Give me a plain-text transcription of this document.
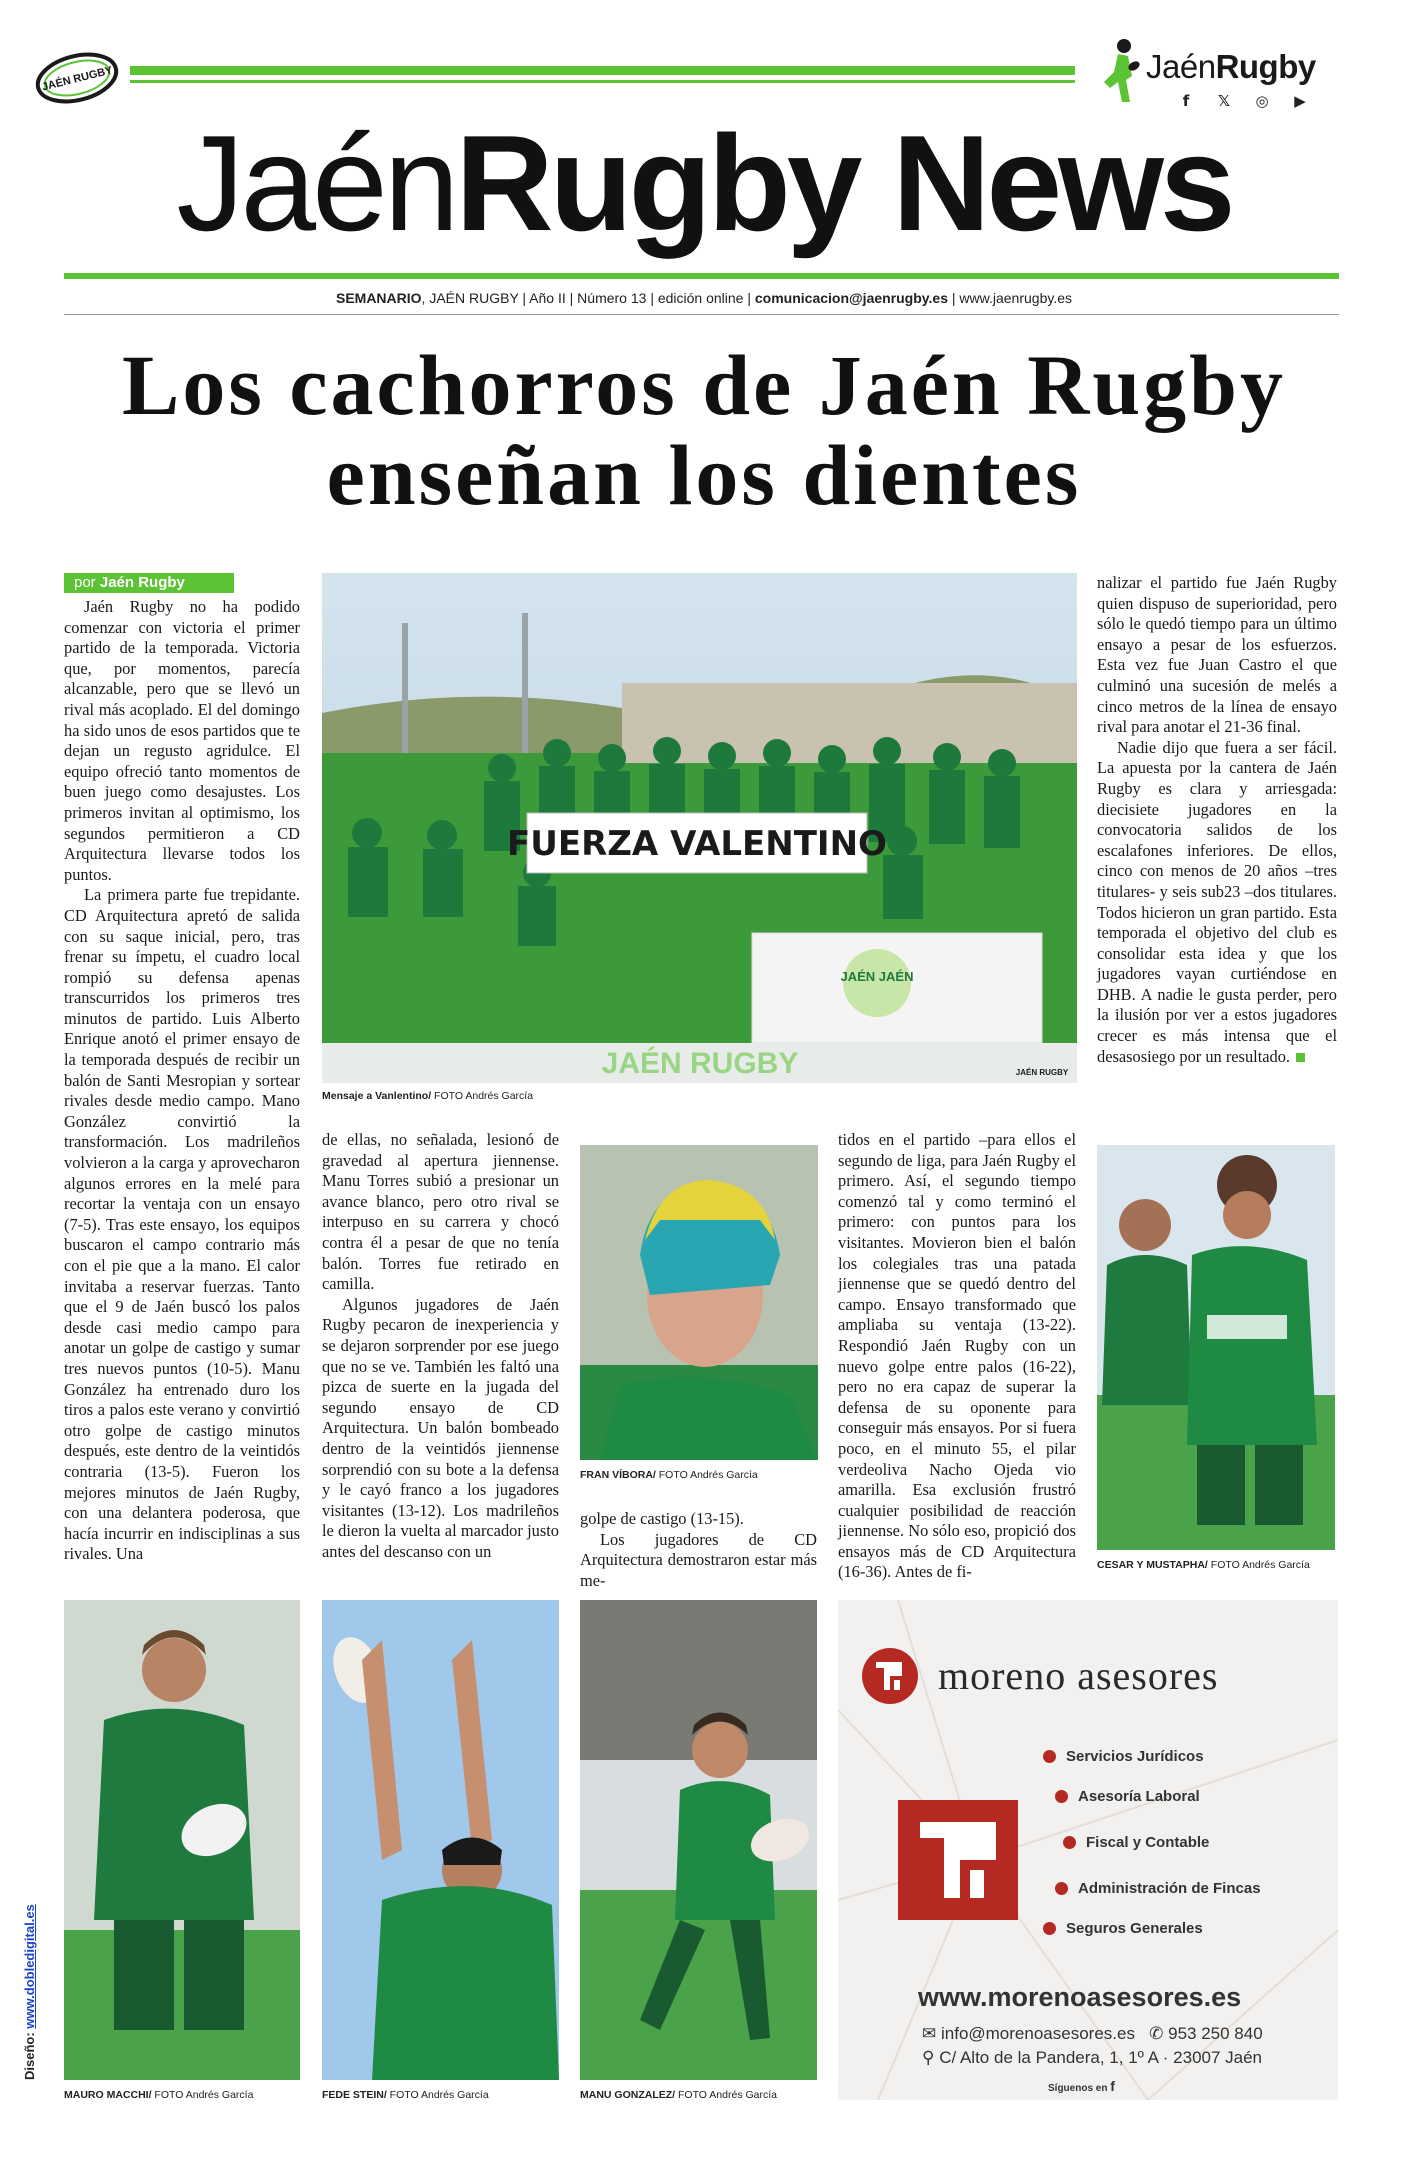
JAÉN RUGBY	JaénRugby
f	𝕏 ◎ ▶
JaénRugby News
SEMANARIO, JAÉN RUGBY | Año II | Número 13 | edición online | comunicacion@jaenrugby.es | www.jaenrugby.es
Los cachorros de Jaén Rugby
enseñan los dientes
por Jaén Rugby

Jaén Rugby no ha podido comenzar con victoria el primer partido de la temporada. Victoria que, por momentos, parecía alcanzable, pero que se llevó un rival más acoplado. El del domingo ha sido unos de esos partidos que te dejan un regusto agridulce. El equipo ofreció tanto momentos de buen juego como desajustes. Los primeros invitan al optimismo, los segundos permitieron a CD Arquitectura llevarse todos los puntos.

La primera parte fue trepidante. CD Arquitectura apretó de salida con su saque inicial, pero, tras frenar su ímpetu, el cuadro local rompió su defensa apenas transcurridos los primeros tres minutos de partido. Luis Alberto Enrique anotó el primer ensayo de la temporada después de recibir un balón de Santi Mesropian y sortear rivales desde medio campo. Mano González convirtió la transformación. Los madrileños volvieron a la carga y aprovecharon algunos errores en la melé para recortar la ventaja con un ensayo (7-5). Tras este ensayo, los equipos buscaron el campo contrario más con el pie que a la mano. El calor invitaba a reservar fuerzas. Tanto que el 9 de Jaén buscó los palos desde casi medio campo para anotar un golpe de castigo y sumar tres nuevos puntos (10-5). Manu González ha entrenado duro los tiros a palos este verano y convirtió otro golpe de castigo minutos después, este dentro de la veintidós contraria (13-5). Fueron los mejores minutos de Jaén Rugby, con una delantera poderosa, que hacía incurrir en indisciplinas a sus rivales. Una

de ellas, no señalada, lesionó de gravedad al apertura jiennense. Manu Torres subió a presionar un avance blanco, pero otro rival se interpuso en su carrera y chocó contra él a pesar de que no tenía balón. Torres fue retirado en camilla.

Algunos jugadores de Jaén Rugby pecaron de inexperiencia y se dejaron sorprender por ese juego que no se ve. También les faltó una pizca de suerte en la jugada del segundo ensayo de CD Arquitectura. Un balón bombeado dentro de la veintidós jiennense sorprendió con su bote a la defensa y le cayó franco a los jugadores visitantes (13-12). Los madrileños le dieron la vuelta al marcador justo antes del descanso con un

golpe de castigo (13-15).

Los jugadores de CD Arquitectura demostraron estar más me-

tidos en el partido –para ellos el segundo de liga, para Jaén Rugby el primero. Así, el segundo tiempo comenzó tal y como terminó el primero: con puntos para los visitantes. Movieron bien el balón los colegiales tras una patada jiennense que se quedó dentro del campo. Ensayo transformado que ampliaba su ventaja (13-22). Respondió Jaén Rugby con un nuevo golpe entre palos (16-22), pero no era capaz de superar la defensa de su oponente para conseguir más ensayos. Por si fuera poco, en el minuto 55, el pilar verdeoliva Nacho Ojeda vio amarilla. Esa exclusión frustró cualquier posibilidad de reacción jiennense. No sólo eso, propició dos ensayos más de CD Arquitectura (16-36). Antes de fi-

nalizar el partido fue Jaén Rugby quien dispuso de superioridad, pero sólo le quedó tiempo para un último ensayo a pesar de los esfuerzos. Esta vez fue Juan Castro el que culminó una sucesión de melés a cinco metros de la línea de ensayo rival para anotar el 21-36 final.

Nadie dijo que fuera a ser fácil. La apuesta por la cantera de Jaén Rugby es clara y arriesgada: diecisiete jugadores en la convocatoria salidos de los escalafones inferiores. De ellos, cinco con menos de 20 años –tres titulares- y seis sub23 –dos titulares. Todos hicieron un gran partido. Esta temporada el objetivo del club es consolidar esta idea y que los jugadores vayan curtiéndose en DHB. A nadie le gusta perder, pero la ilusión por ver a estos jugadores crecer es más intensa que el desasosiego por un resultado.

FUERZA VALENTINO
JAÉN JAÉN
JAÉN RUGBY	JAÉN RUGBY
Mensaje a Vanlentino/ FOTO Andrés García
FRAN VÍBORA/ FOTO Andrés García
CESAR Y MUSTAPHA/ FOTO Andrés García
MAURO MACCHI/ FOTO Andrés García	FEDE STEIN/ FOTO Andrés García	MANU GONZALEZ/ FOTO Andrés García
Diseño: www.dobledigital.es
moreno asesores
Servicios Jurídicos
Asesoría Laboral
Fiscal y Contable
Administración de Fincas
Seguros Generales
www.morenoasesores.es
✉ info@morenoasesores.es ✆ 953 250 840
⚲ C/ Alto de la Pandera, 1, 1º A · 23007 Jaén
Síguenos en f
